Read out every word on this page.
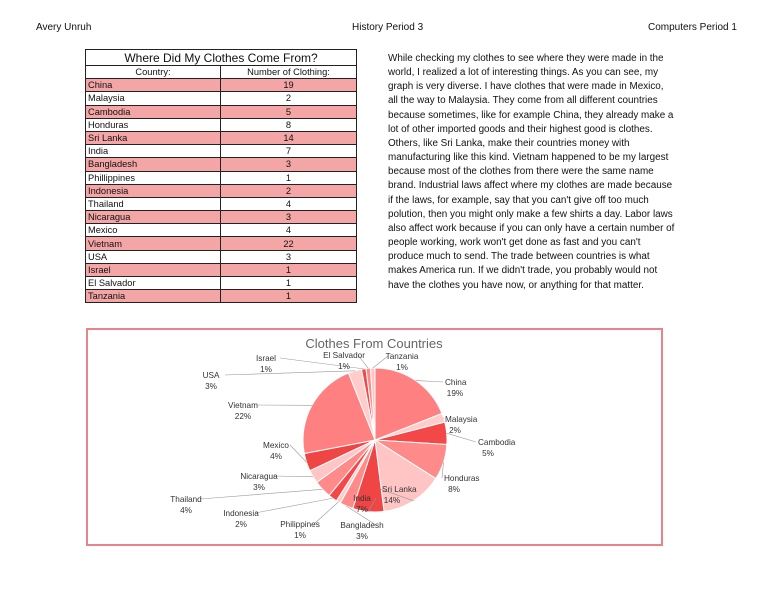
Avery Unruh	History Period 3	Computers Period 1
Where Did My Clothes Come From?	
Country:	Number of Clothing:
China	19
Malaysia	2
Cambodia	5
Honduras	8
Sri Lanka	14
India	7
Bangladesh	3
Phillippines	1
Indonesia	2
Thailand	4
Nicaragua	3
Mexico	4
Vietnam	22
USA	3
Israel	1
El Salvador	1
Tanzania	1
While checking my clothes to see where they were made in the world, I realized a lot of interesting things. As you can see, my graph is very diverse. I have clothes that were made in Mexico, all the way to Malaysia. They come from all different countries because sometimes, like for example China, they already make a lot of other imported goods and their highest good is clothes. Others, like Sri Lanka, make their countries money with manufacturing like this kind. Vietnam happened to be my largest because most of the clothes from there were the same name brand. Industrial laws affect where my clothes are made because if the laws, for example, say that you can't give off too much polution, then you might only make a few shirts a day. Labor laws also affect work because if you can only have a certain number of people working, work won't get done as fast and you can't produce much to send. The trade between countries is what makes America run. If we didn't trade, you probably would not have the clothes you have now, or anything for that matter.
Clothes From Countries
China
19%
Malaysia
2%
Cambodia
5%
Honduras
8%
Sri Lanka
14%
India
7%
Bangladesh
3%
Philippines
1%
Indonesia
2%
Thailand
4%
Nicaragua
3%
Mexico
4%
Vietnam
22%
USA
3%
Israel
1%
El Salvador
1%
Tanzania
1%
